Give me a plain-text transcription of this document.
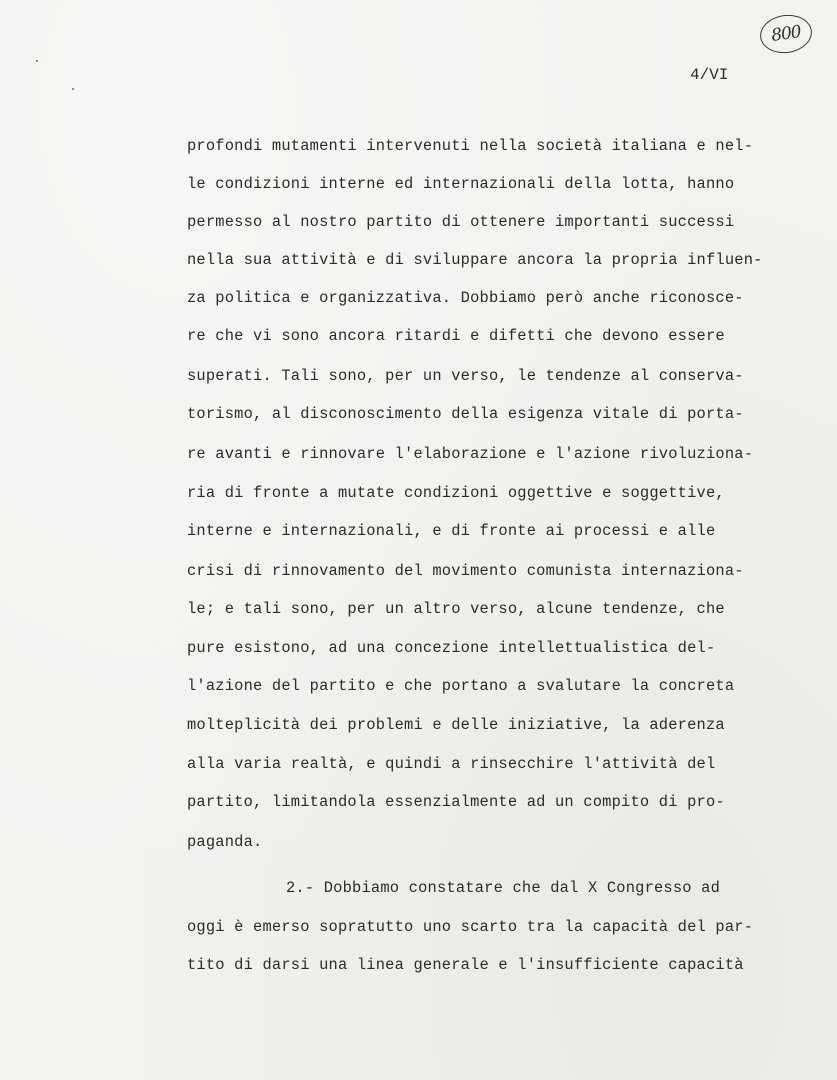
800
4/VI
profondi mutamenti intervenuti nella società italiana e nel-
le condizioni interne ed internazionali della lotta, hanno
permesso al nostro partito di ottenere importanti successi
nella sua attività e di sviluppare ancora la propria influen-
za politica e organizzativa. Dobbiamo però anche riconosce-
re che vi sono ancora ritardi e difetti che devono essere
superati. Tali sono, per un verso, le tendenze al conserva-
torismo, al disconoscimento della esigenza vitale di porta-
re avanti e rinnovare l'elaborazione e l'azione rivoluziona-
ria di fronte a mutate condizioni oggettive e soggettive,
interne e internazionali, e di fronte ai processi e alle
crisi di rinnovamento del movimento comunista internaziona-
le; e tali sono, per un altro verso, alcune tendenze, che
pure esistono, ad una concezione intellettualistica del-
l'azione del partito e che portano a svalutare la concreta
molteplicità dei problemi e delle iniziative, la aderenza
alla varia realtà, e quindi a rinsecchire l'attività del
partito, limitandola essenzialmente ad un compito di pro-
paganda.
2.- Dobbiamo constatare che dal X Congresso ad
oggi è emerso sopratutto uno scarto tra la capacità del par-
tito di darsi una linea generale e l'insufficiente capacità
